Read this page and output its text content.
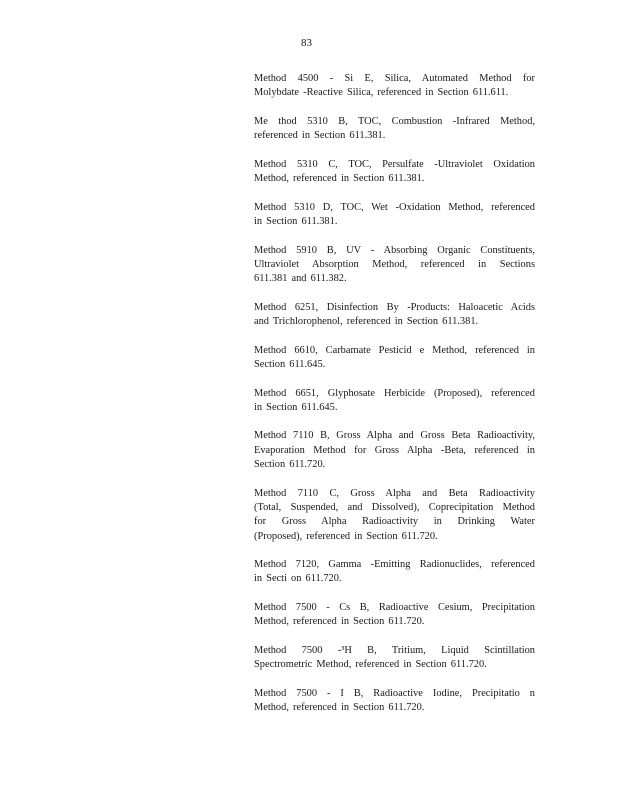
83
Method 4500 - Si E, Silica, Automated Method for
Molybdate -Reactive Silica, referenced in Section 611.611.
Me thod 5310 B, TOC, Combustion -Infrared Method,
referenced in Section 611.381.
Method 5310 C, TOC, Persulfate -Ultraviolet Oxidation
Method, referenced in Section 611.381.
Method 5310 D, TOC, Wet -Oxidation Method, referenced
in Section 611.381.
Method 5910 B, UV - Absorbing Organic Constituents,
Ultraviolet Absorption Method, referenced in Sections
611.381 and 611.382.
Method 6251, Disinfection By -Products: Haloacetic Acids
and Trichlorophenol, referenced in Section 611.381.
Method 6610, Carbamate Pesticid e Method, referenced in
Section 611.645.
Method 6651, Glyphosate Herbicide (Proposed), referenced
in Section 611.645.
Method 7110 B, Gross Alpha and Gross Beta Radioactivity,
Evaporation Method for Gross Alpha -Beta, referenced in
Section 611.720.
Method 7110 C, Gross Alpha and Beta Radioactivity
(Total, Suspended, and Dissolved), Coprecipitation Method
for Gross Alpha Radioactivity in Drinking Water
(Proposed), referenced in Section 611.720.
Method 7120, Gamma -Emitting Radionuclides, referenced
in Secti on 611.720.
Method 7500 - Cs B, Radioactive Cesium, Precipitation
Method, referenced in Section 611.720.
Method 7500 -³H B, Tritium, Liquid Scintillation
Spectrometric Method, referenced in Section 611.720.
Method 7500 - I B, Radioactive Iodine, Precipitatio n
Method, referenced in Section 611.720.
